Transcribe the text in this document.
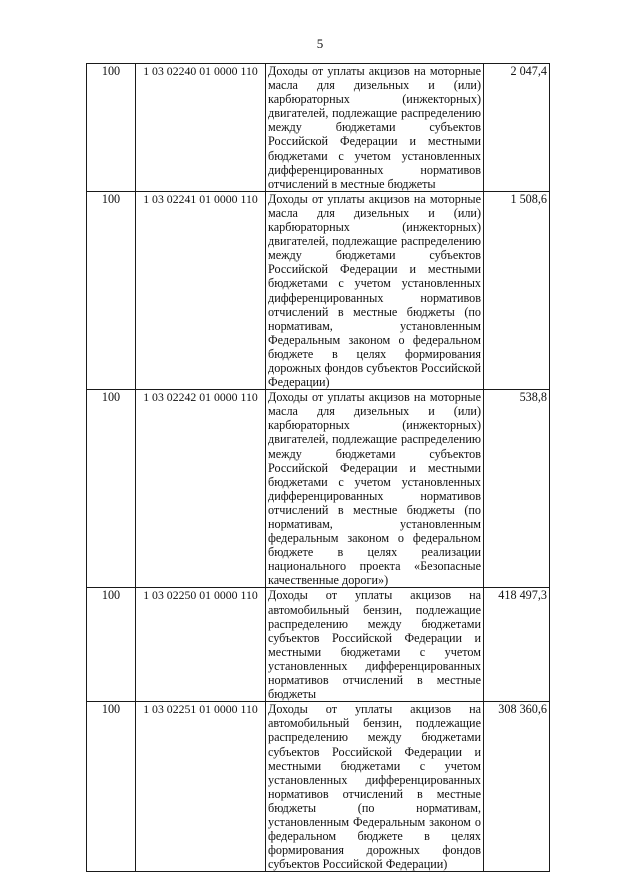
5
100	1 03 02240 01 0000 110	Доходы от уплаты акцизов на моторные масла для дизельных и (или) карбюраторных (инжекторных) двигателей, подлежащие распределению между бюджетами субъектов Российской Федерации и местными бюджетами с учетом установленных дифференцированных нормативов отчислений в местные бюджеты	2 047,4
100	1 03 02241 01 0000 110	Доходы от уплаты акцизов на моторные масла для дизельных и (или) карбюраторных (инжекторных) двигателей, подлежащие распределению между бюджетами субъектов Российской Федерации и местными бюджетами с учетом установленных дифференцированных нормативов отчислений в местные бюджеты (по нормативам, установленным Федеральным законом о федеральном бюджете в целях формирования дорожных фондов субъектов Российской Федерации)	1 508,6
100	1 03 02242 01 0000 110	Доходы от уплаты акцизов на моторные масла для дизельных и (или) карбюраторных (инжекторных) двигателей, подлежащие распределению между бюджетами субъектов Российской Федерации и местными бюджетами с учетом установленных дифференцированных нормативов отчислений в местные бюджеты (по нормативам, установленным федеральным законом о федеральном бюджете в целях реализации национального проекта «Безопасные качественные дороги»)	538,8
100	1 03 02250 01 0000 110	Доходы от уплаты акцизов на автомобильный бензин, подлежащие распределению между бюджетами субъектов Российской Федерации и местными бюджетами с учетом установленных дифференцированных нормативов отчислений в местные бюджеты	418 497,3
100	1 03 02251 01 0000 110	Доходы от уплаты акцизов на автомобильный бензин, подлежащие распределению между бюджетами субъектов Российской Федерации и местными бюджетами с учетом установленных дифференцированных нормативов отчислений в местные бюджеты (по нормативам, установленным Федеральным законом о федеральном бюджете в целях формирования дорожных фондов субъектов Российской Федерации)	308 360,6
